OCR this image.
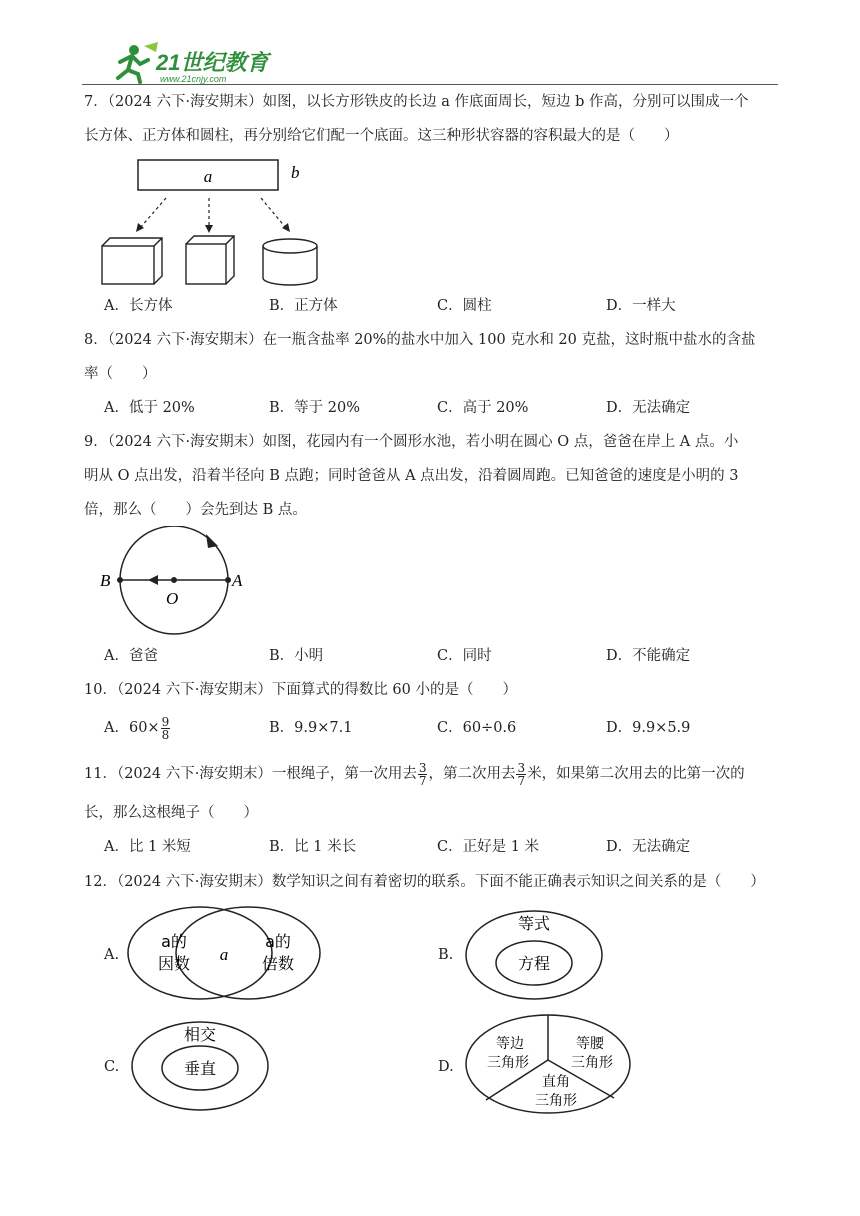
21世纪教育
www.21cnjy.com
7．（2024 六下·海安期末）如图，以长方形铁皮的长边 a 作底面周长，短边 b 作高，分别可以围成一个
长方体、正方体和圆柱，再分别给它们配一个底面。这三种形状容器的容积最大的是（　　）
a	b
A．长方体	B．正方体	C．圆柱	D．一样大
8．（2024 六下·海安期末）在一瓶含盐率 20%的盐水中加入 100 克水和 20 克盐，这时瓶中盐水的含盐
率（　　）
A．低于 20%	B．等于 20%	C．高于 20%	D．无法确定
9．（2024 六下·海安期末）如图，花园内有一个圆形水池，若小明在圆心 O 点，爸爸在岸上 A 点。小
明从 O 点出发，沿着半径向 B 点跑；同时爸爸从 A 点出发，沿着圆周跑。已知爸爸的速度是小明的 3
倍，那么（　　）会先到达 B 点。
B
O
A
A．爸爸	B．小明	C．同时	D．不能确定
10．（2024 六下·海安期末）下面算式的得数比 60 小的是（　　）
A．$60\times \frac{9}{8}$	B．9.9×7.1	C．60÷0.6	D．9.9×5.9
11．（2024 六下·海安期末）一根绳子，第一次用去 $\frac{3}{7}$ ，第二次用去 $\frac{3}{7}$ 米，如果第二次用去的比第一次的
长，那么这根绳子（　　）
A．比 1 米短	B．比 1 米长	C．正好是 1 米	D．无法确定
12．（2024 六下·海安期末）数学知识之间有着密切的联系。下面不能正确表示知识之间关系的是（　　）
A.
a的
因数 a
a的
倍数	B.
等式
方程
C.
相交
垂直	D.
等边
三角形
等腰
三角形
直角
三角形
